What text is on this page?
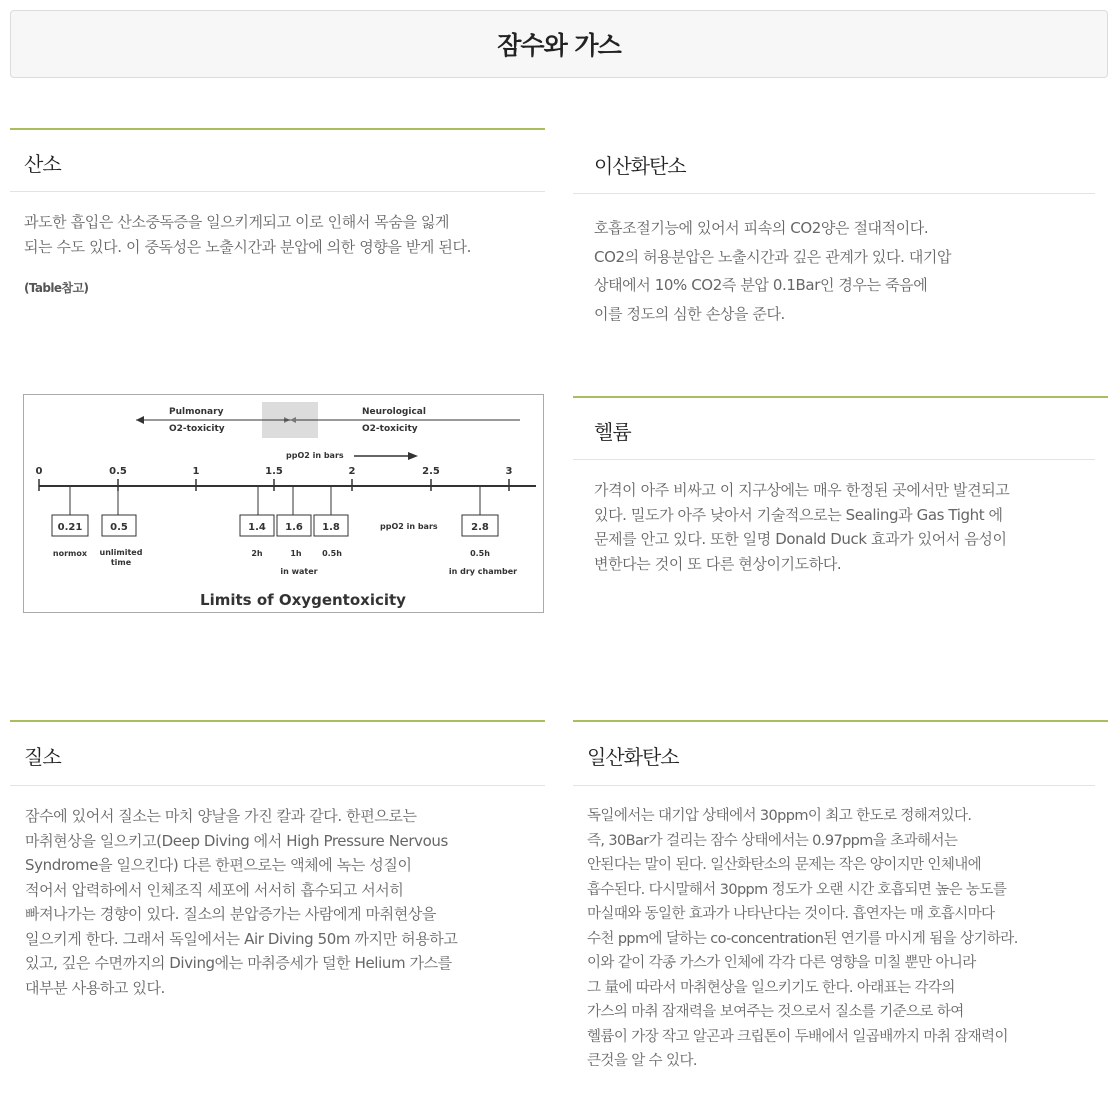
잠수와 가스
산소
과도한 흡입은 산소중독증을 일으키게되고 이로 인해서 목숨을 잃게
되는 수도 있다. 이 중독성은 노출시간과 분압에 의한 영향을 받게 된다.
(Table참고)
이산화탄소
호흡조절기능에 있어서 피속의 CO2양은 절대적이다.
CO2의 허용분압은 노출시간과 깊은 관계가 있다. 대기압
상태에서 10% CO2즉 분압 0.1Bar인 경우는 죽음에
이를 정도의 심한 손상을 준다.
헬륨
가격이 아주 비싸고 이 지구상에는 매우 한정된 곳에서만 발견되고
있다. 밀도가 아주 낮아서 기술적으로는 Sealing과 Gas Tight 에
문제를 안고 있다. 또한 일명 Donald Duck 효과가 있어서 음성이
변한다는 것이 또 다른 현상이기도하다.
Pulmonary
O2-toxicity
Neurological
O2-toxicity
ppO2 in bars
0	0.5	1	1.5	2	2.5	3
0.21	0.5	1.4 1.6 1.8	2.8
ppO2 in bars
normox unlimited
time
2h	1h	0.5h	0.5h
in water	in dry chamber
Limits of Oxygentoxicity
질소
잠수에 있어서 질소는 마치 양날을 가진 칼과 같다. 한편으로는
마취현상을 일으키고(Deep Diving 에서 High Pressure Nervous
Syndrome을 일으킨다) 다른 한편으로는 액체에 녹는 성질이
적어서 압력하에서 인체조직 세포에 서서히 흡수되고 서서히
빠져나가는 경향이 있다. 질소의 분압증가는 사람에게 마취현상을
일으키게 한다. 그래서 독일에서는 Air Diving 50m 까지만 허용하고
있고, 깊은 수면까지의 Diving에는 마취증세가 덜한 Helium 가스를
대부분 사용하고 있다.
일산화탄소
독일에서는 대기압 상태에서 30ppm이 최고 한도로 정해져있다.
즉, 30Bar가 걸리는 잠수 상태에서는 0.97ppm을 초과해서는
안된다는 말이 된다. 일산화탄소의 문제는 작은 양이지만 인체내에
흡수된다. 다시말해서 30ppm 정도가 오랜 시간 호흡되면 높은 농도를
마실때와 동일한 효과가 나타난다는 것이다. 흡연자는 매 호흡시마다
수천 ppm에 달하는 co-concentration된 연기를 마시게 됨을 상기하라.
이와 같이 각종 가스가 인체에 각각 다른 영향을 미칠 뿐만 아니라
그 量에 따라서 마취현상을 일으키기도 한다. 아래표는 각각의
가스의 마취 잠재력을 보여주는 것으로서 질소를 기준으로 하여
헬륨이 가장 작고 알곤과 크립톤이 두배에서 일곱배까지 마취 잠재력이
큰것을 알 수 있다.
